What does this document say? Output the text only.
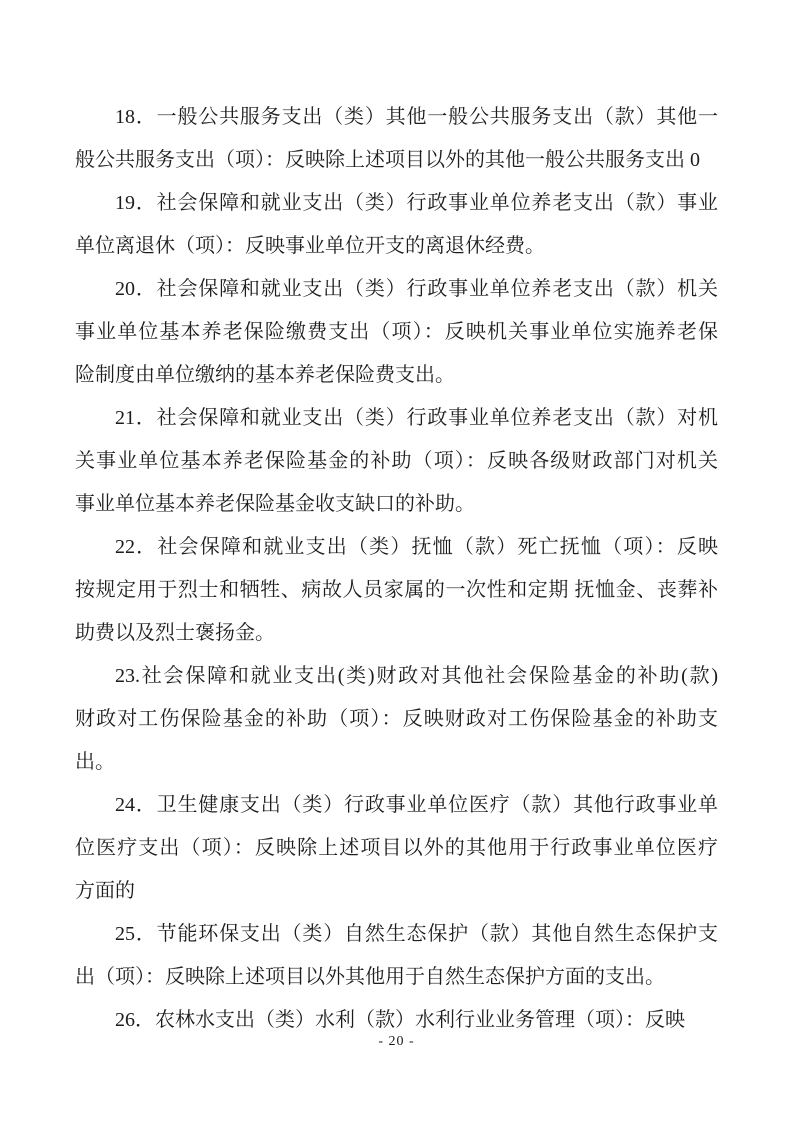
18．一般公共服务支出（类）其他一般公共服务支出（款）其他一
般公共服务支出（项）：反映除上述项目以外的其他一般公共服务支出 0
19．社会保障和就业支出（类）行政事业单位养老支出（款）事业
单位离退休（项）：反映事业单位开支的离退休经费。
20．社会保障和就业支出（类）行政事业单位养老支出（款）机关
事业单位基本养老保险缴费支出（项）：反映机关事业单位实施养老保
险制度由单位缴纳的基本养老保险费支出。
21．社会保障和就业支出（类）行政事业单位养老支出（款）对机
关事业单位基本养老保险基金的补助（项）：反映各级财政部门对机关
事业单位基本养老保险基金收支缺口的补助。
22．社会保障和就业支出（类）抚恤（款）死亡抚恤（项）：反映
按规定用于烈士和牺牲、病故人员家属的一次性和定期 抚恤金、丧葬补
助费以及烈士褒扬金。
23.社会保障和就业支出(类)财政对其他社会保险基金的补助(款)
财政对工伤保险基金的补助（项）：反映财政对工伤保险基金的补助支
出。
24．卫生健康支出（类）行政事业单位医疗（款）其他行政事业单
位医疗支出（项）：反映除上述项目以外的其他用于行政事业单位医疗
方面的
25．节能环保支出（类）自然生态保护（款）其他自然生态保护支
出（项）：反映除上述项目以外其他用于自然生态保护方面的支出。
26．农林水支出（类）水利（款）水利行业业务管理（项）：反映
- 20 -
